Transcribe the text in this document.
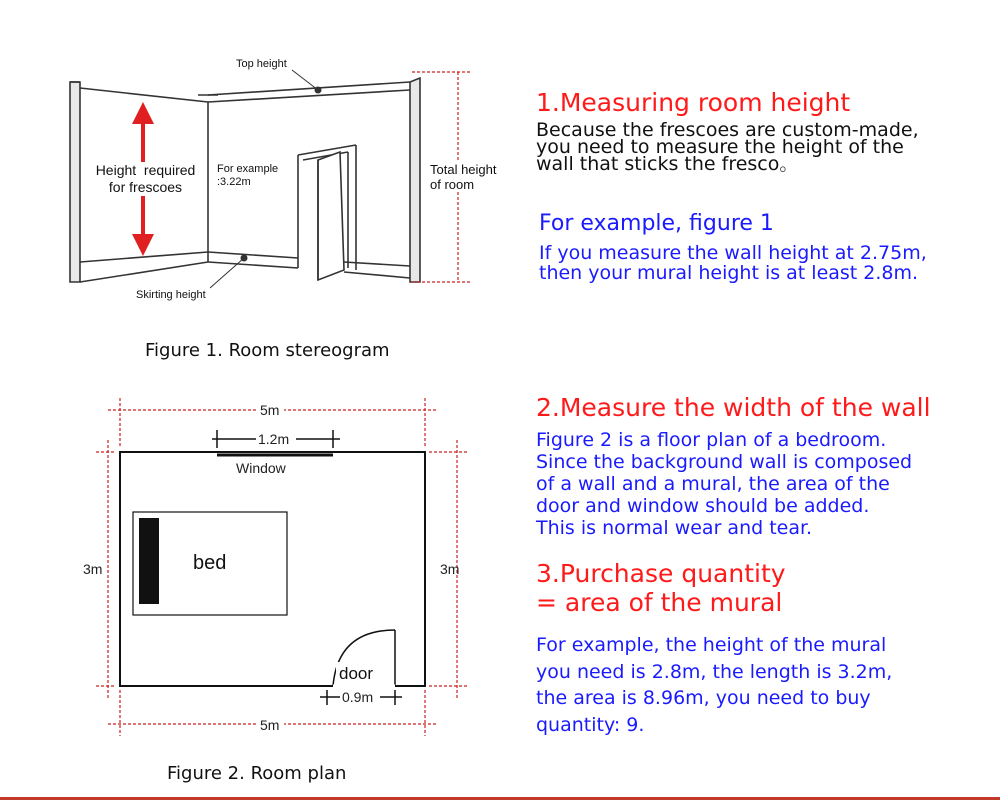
Top height
Skirting height
Height  required
for frescoes
For example
:3.22m
Total height
of room
Figure 1. Room stereogram
5m
1.2m
Window
3m	3m
bed
door
0.9m
5m
Figure 2. Room plan
1.Measuring room height
Because the frescoes are custom-made,
you need to measure the height of the
wall that sticks the fresco。
For example, figure 1
If you measure the wall height at 2.75m,
then your mural height is at least 2.8m.
2.Measure the width of the wall
Figure 2 is a floor plan of a bedroom.
Since the background wall is composed
of a wall and a mural, the area of the
door and window should be added.
This is normal wear and tear.
3.Purchase quantity
= area of the mural
For example, the height of the mural
you need is 2.8m, the length is 3.2m,
the area is 8.96m, you need to buy
quantity: 9.
